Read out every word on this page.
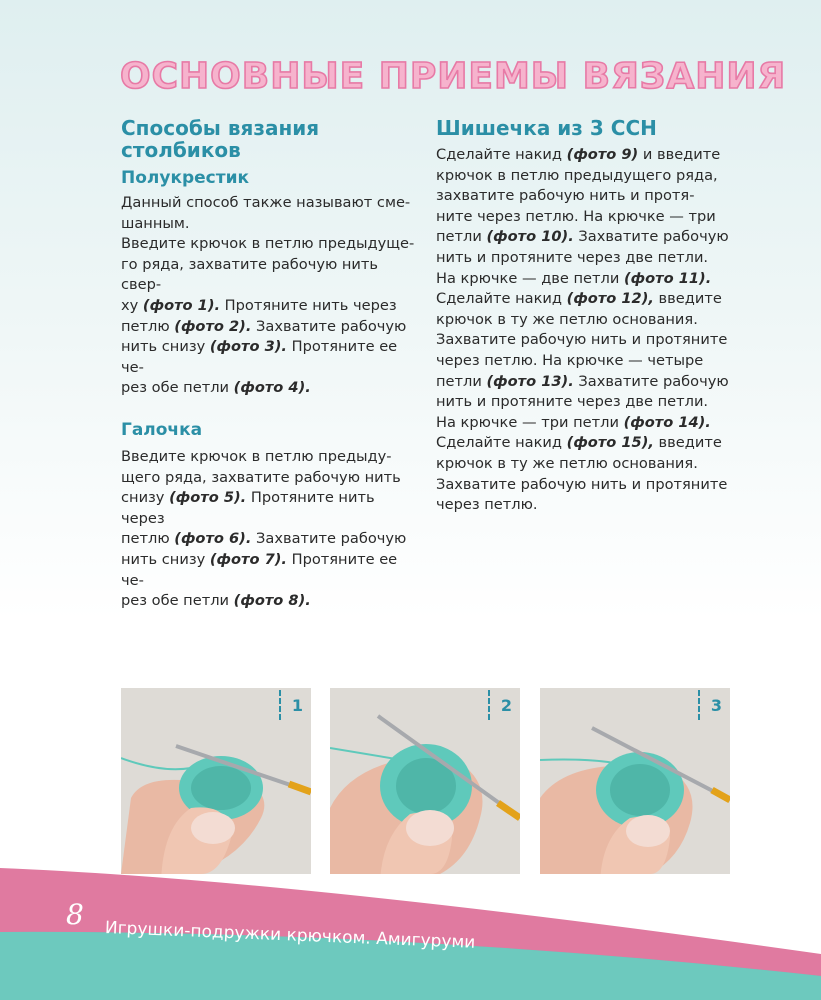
ОСНОВНЫЕ ПРИЕМЫ ВЯЗАНИЯ
Способы вязания столбиков
Полукрестик

Данный способ также называют сме-
шанным.
Введите крючок в петлю предыдуще-
го ряда, захватите рабочую нить свер-
ху (фото 1). Протяните нить через
петлю (фото 2). Захватите рабочую
нить снизу (фото 3). Протяните ее че-
рез обе петли (фото 4).

Галочка

Введите крючок в петлю предыду-
щего ряда, захватите рабочую нить
снизу (фото 5). Протяните нить через
петлю (фото 6). Захватите рабочую
нить снизу (фото 7). Протяните ее че-
рез обе петли (фото 8).

Шишечка из 3 ССН

Сделайте накид (фото 9) и введите
крючок в петлю предыдущего ряда,
захватите рабочую нить и протя-
ните через петлю. На крючке — три
петли (фото 10). Захватите рабочую
нить и протяните через две петли.
На крючке — две петли (фото 11).
Сделайте накид (фото 12), введите
крючок в ту же петлю основания.
Захватите рабочую нить и протяните
через петлю. На крючке — четыре
петли (фото 13). Захватите рабочую
нить и протяните через две петли.
На крючке — три петли (фото 14).
Сделайте накид (фото 15), введите
крючок в ту же петлю основания.
Захватите рабочую нить и протяните
через петлю.

1	2	3
8
Игрушки-подружки крючком. Амигуруми
